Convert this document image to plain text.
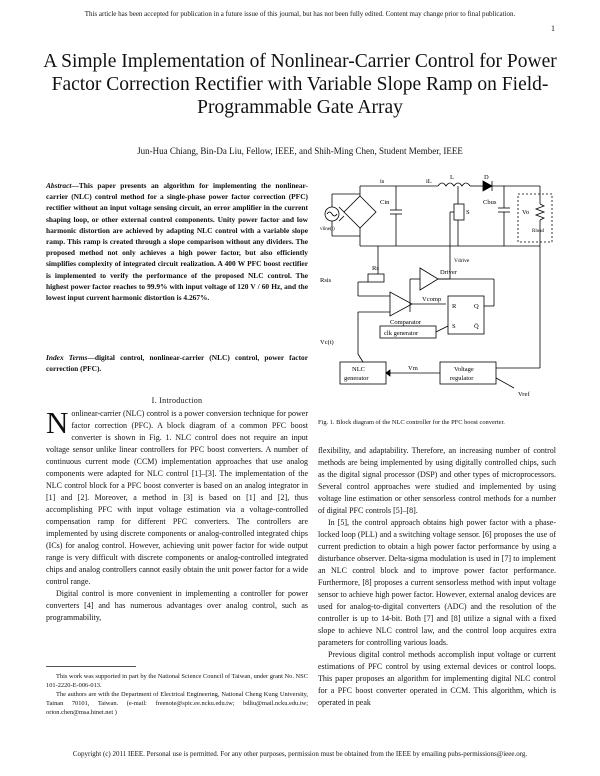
This article has been accepted for publication in a future issue of this journal, but has not been fully edited. Content may change prior to final publication.
1
A Simple Implementation of Nonlinear-Carrier Control for Power Factor Correction Rectifier with Variable Slope Ramp on Field-Programmable Gate Array
Jun-Hua Chiang, Bin-Da Liu, Fellow, IEEE, and Shih-Ming Chen, Student Member, IEEE
Abstract—This paper presents an algorithm for implementing the nonlinear-carrier (NLC) control method for a single-phase power factor correction (PFC) rectifier without an input voltage sensing circuit, an error amplifier in the current shaping loop, or other external control components. Unity power factor and low harmonic distortion are achieved by adapting NLC control with a variable slope ramp. This ramp is created through a slope comparison without any dividers. The proposed method not only achieves a high power factor, but also efficiently simplifies complexity of integrated circuit realization. A 400 W PFC boost rectifier is implemented to verify the performance of the proposed NLC control. The highest power factor reaches to 99.9% with input voltage of 120 V / 60 Hz, and the lowest input current harmonic distortion is 4.267%.
Index Terms—digital control, nonlinear-carrier (NLC) control, power factor correction (PFC).
I. Introduction

Nonlinear-carrier (NLC) control is a power conversion technique for power factor correction (PFC). A block diagram of a common PFC boost converter is shown in Fig. 1. NLC control does not require an input voltage sensor unlike linear controllers for PFC boost converters. A number of continuous current mode (CCM) implementation approaches that use analog components were adapted for NLC control [1]–[3]. The implementation of the NLC control block for a PFC boost converter is based on an analog integrator in [1] and [2]. Moreover, a method in [3] is based on [1] and [2], thus accomplishing PFC with input voltage estimation via a voltage-controlled compensation ramp for different PFC converters. The controllers are implemented by using discrete components or analog-controlled integrated chips (ICs) for analog control. However, achieving unit power factor for wide output range is very difficult with discrete components or analog-controlled integrated chips and analog controllers cannot easily obtain the unit power factor for a wide control range.

Digital control is more convenient in implementing a controller for power converters [4] and has numerous advantages over analog control, such as programmability,

This work was supported in part by the National Science Council of Taiwan, under grant No. NSC 101-2220-E-006-013.

The authors are with the Department of Electrical Engineering, National Cheng Kung University, Tainan 70101, Taiwan. (e-mail: freenote@spic.ee.ncku.edu.tw; bdliu@mail.ncku.edu.tw; orion.chen@msa.hinet.net )

is	iL
L	D
vline(t)
Cin
S
Cbus
Vo
Rload
Vdrive
Driver
Rs
Rsis
Vcomp
R	Q
S	Q̄
Comparator
clk generator
Vc(t)
NLC
generator
Vm	Voltage
regulator
Vref
Fig. 1. Block diagram of the NLC controller for the PFC boost converter.

flexibility, and adaptability. Therefore, an increasing number of control methods are being implemented by using digitally controlled chips, such as the digital signal processor (DSP) and other types of microprocessors. Several control approaches were studied and implemented by using voltage line estimation or other sensorless control methods for a number of digital PFC controls [5]–[8].

In [5], the control approach obtains high power factor with a phase-locked loop (PLL) and a switching voltage sensor. [6] proposes the use of current prediction to obtain a high power factor performance by using a disturbance observer. Delta-sigma modulation is used in [7] to implement an NLC control block and to improve power factor performance. Furthermore, [8] proposes a current sensorless method with input voltage sensor to achieve high power factor. However, external analog devices are used for analog-to-digital converters (ADC) and the resolution of the controller is up to 14-bit. Both [7] and [8] utilize a signal with a fixed slope to achieve NLC control law, and the control loop acquires extra parameters for controlling various loads.

Previous digital control methods accomplish input voltage or current estimations of PFC control by using external devices or control loops. This paper proposes an algorithm for implementing digital NLC control for a PFC boost converter operated in CCM. This algorithm, which is operated in peak

Copyright (c) 2011 IEEE. Personal use is permitted. For any other purposes, permission must be obtained from the IEEE by emailing pubs-permissions@ieee.org.
